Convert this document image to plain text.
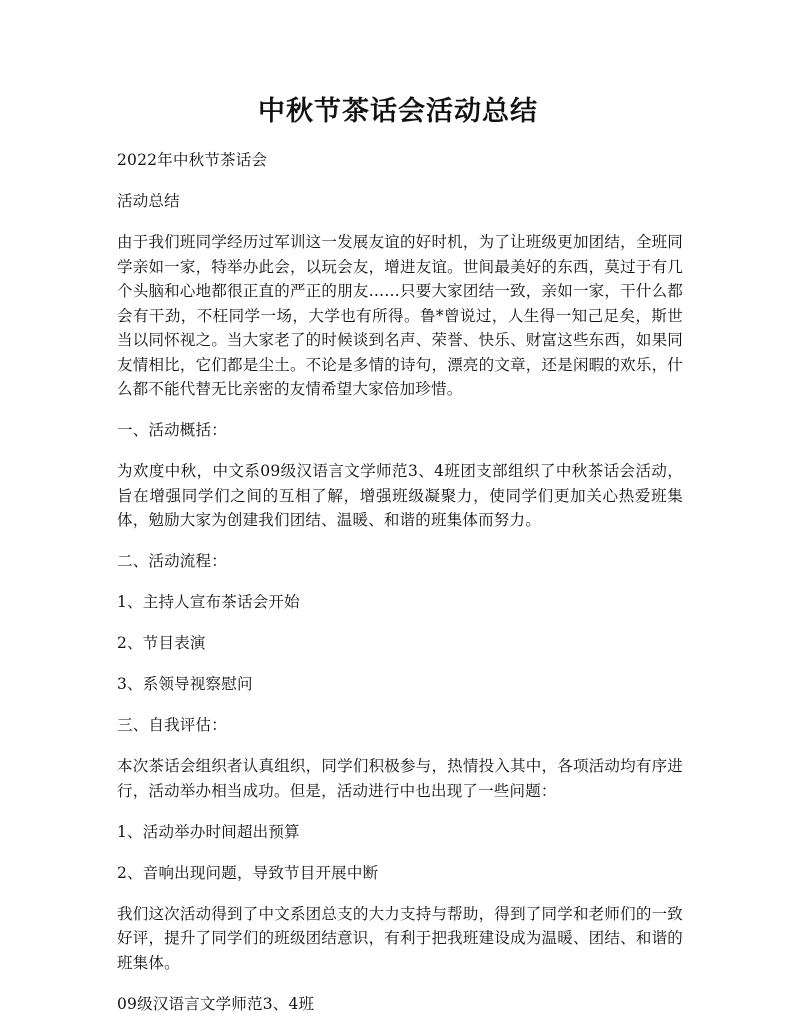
中秋节茶话会活动总结

2022年中秋节茶话会

活动总结

由于我们班同学经历过军训这一发展友谊的好时机，为了让班级更加团结，全班同学亲如一家，特举办此会，以玩会友，增进友谊。世间最美好的东西，莫过于有几个头脑和心地都很正直的严正的朋友……只要大家团结一致，亲如一家，干什么都会有干劲，不枉同学一场，大学也有所得。鲁*曾说过，人生得一知己足矣，斯世当以同怀视之。当大家老了的时候谈到名声、荣誉、快乐、财富这些东西，如果同友情相比，它们都是尘土。不论是多情的诗句，漂亮的文章，还是闲暇的欢乐，什么都不能代替无比亲密的友情希望大家倍加珍惜。

一、活动概括：

为欢度中秋，中文系09级汉语言文学师范3、4班团支部组织了中秋茶话会活动，旨在增强同学们之间的互相了解，增强班级凝聚力，使同学们更加关心热爱班集体，勉励大家为创建我们团结、温暖、和谐的班集体而努力。

二、活动流程：

1、主持人宣布茶话会开始

2、节目表演

3、系领导视察慰问

三、自我评估：

本次茶话会组织者认真组织，同学们积极参与，热情投入其中，各项活动均有序进行，活动举办相当成功。但是，活动进行中也出现了一些问题：

1、活动举办时间超出预算

2、音响出现问题，导致节目开展中断

我们这次活动得到了中文系团总支的大力支持与帮助，得到了同学和老师们的一致好评，提升了同学们的班级团结意识，有利于把我班建设成为温暖、团结、和谐的班集体。

09级汉语言文学师范3、4班
